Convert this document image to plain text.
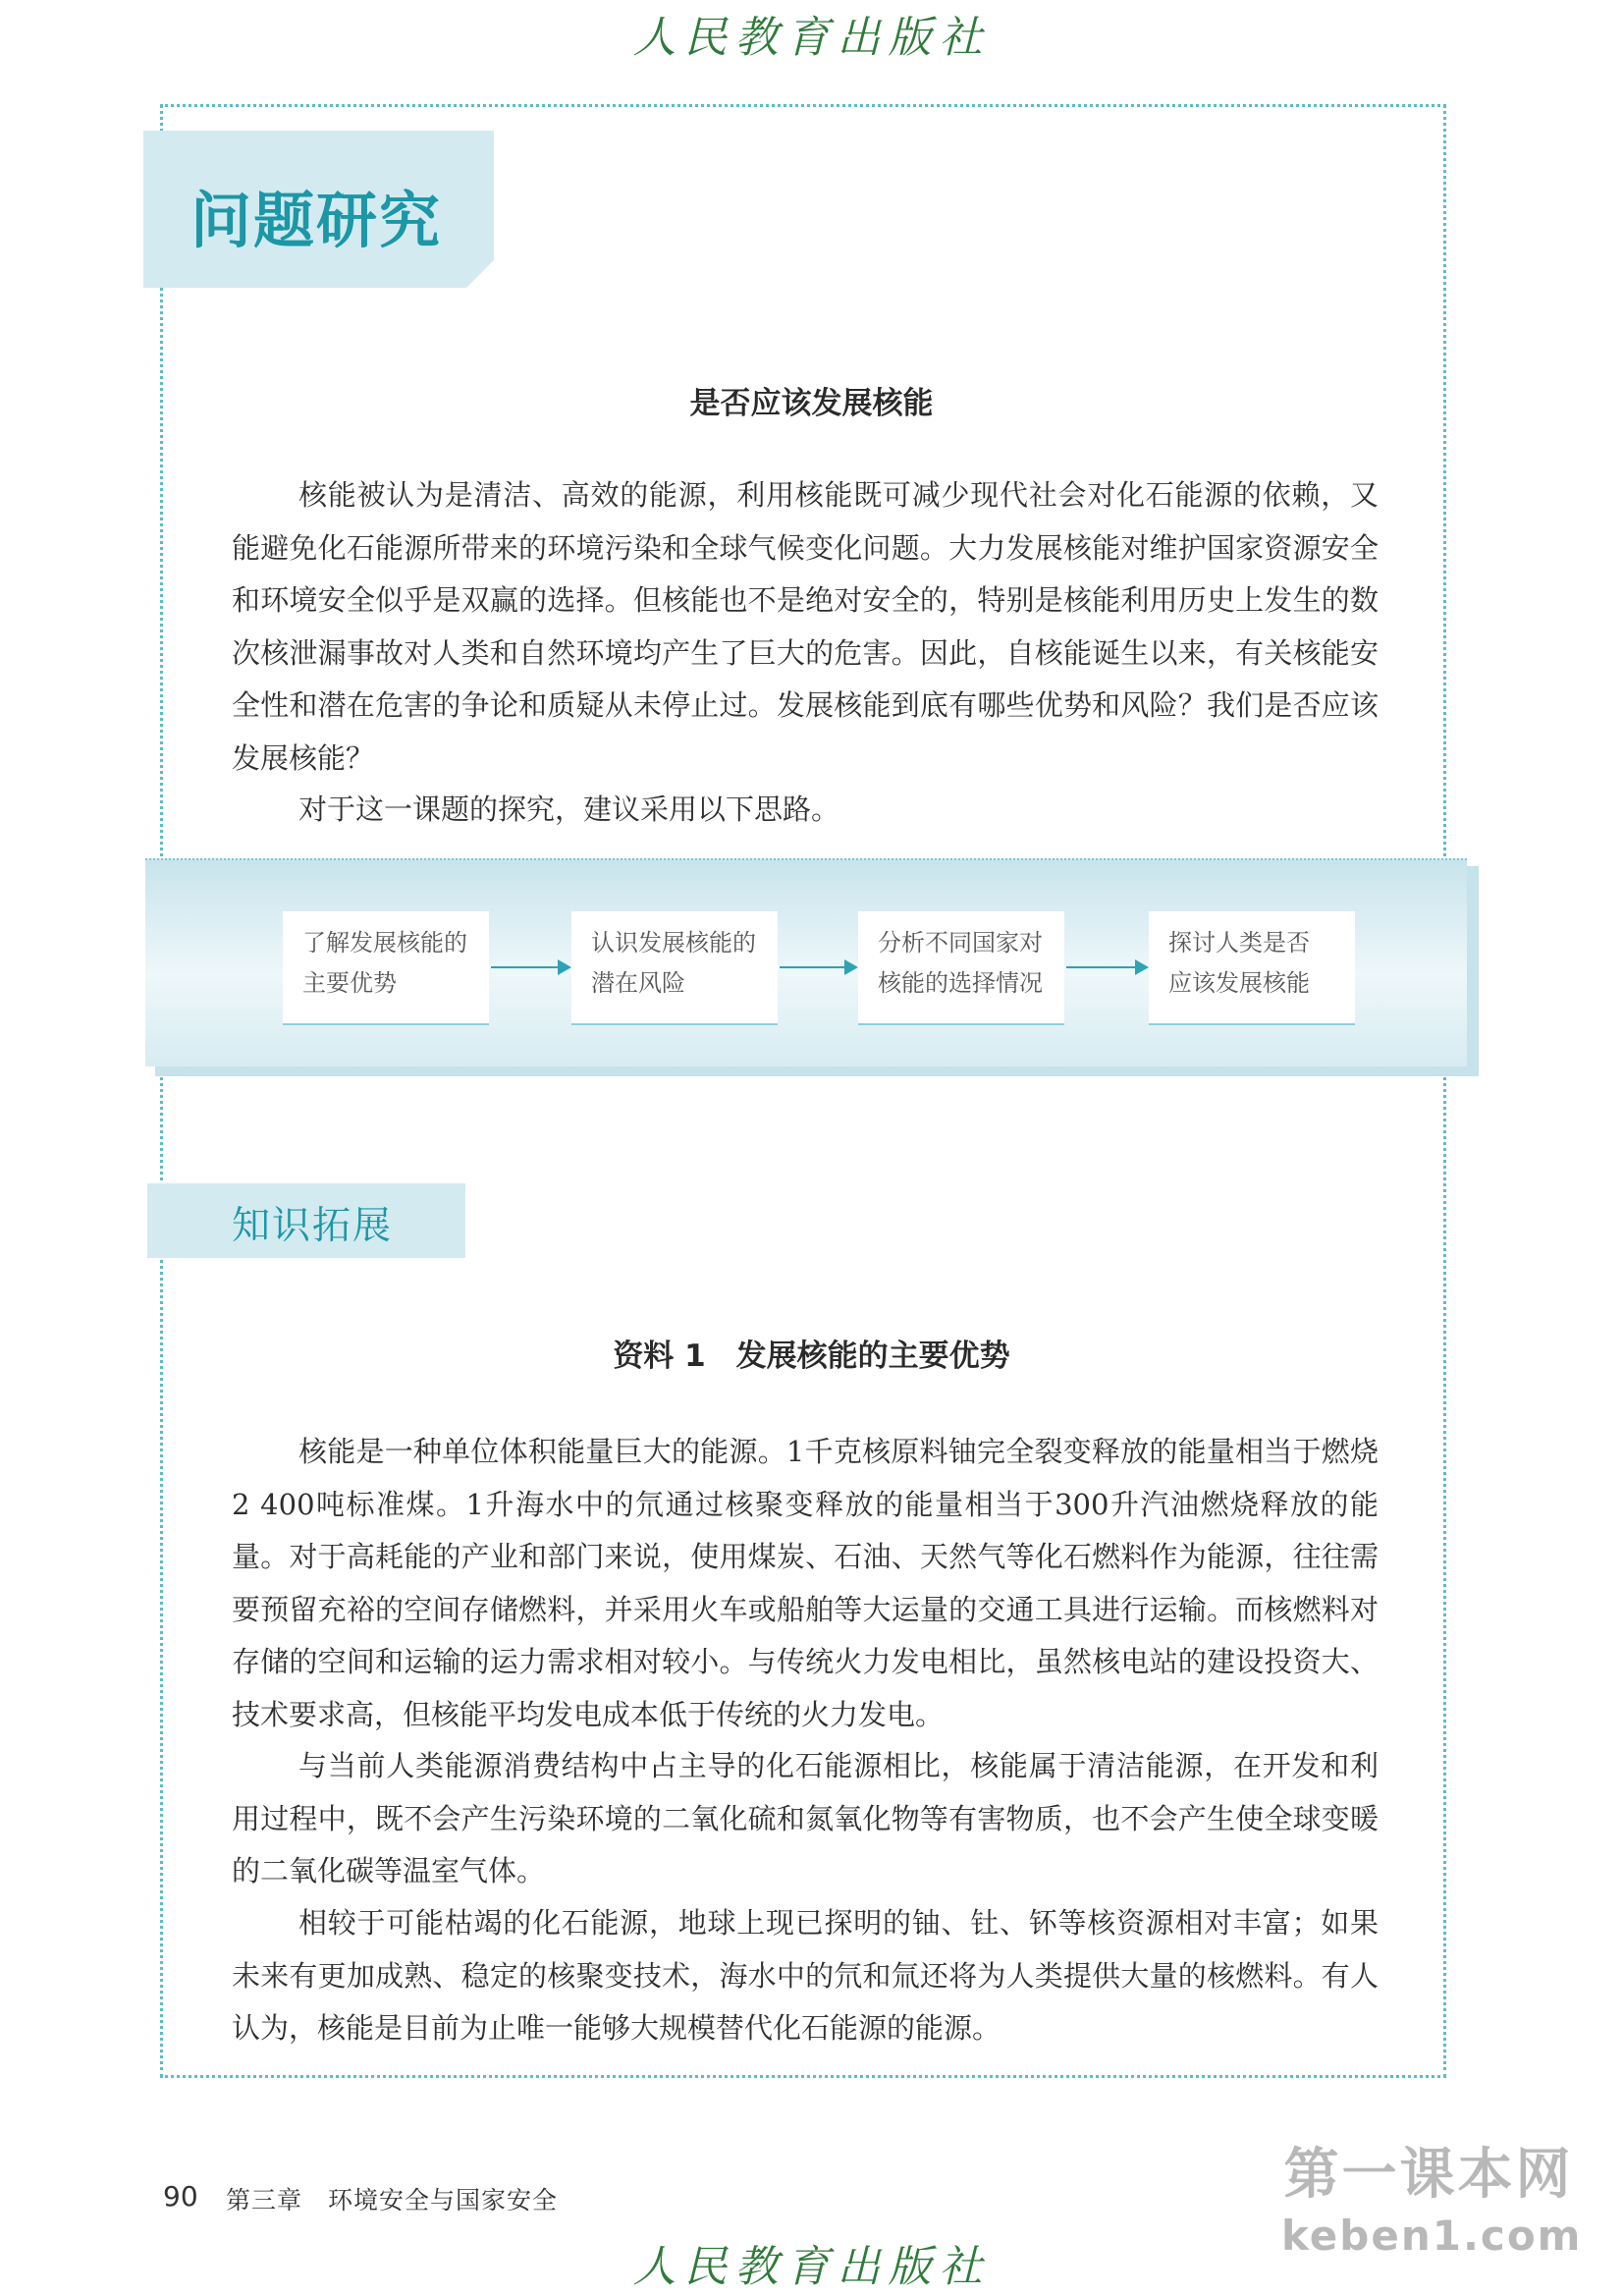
人民教育出版社
问题研究
是否应该发展核能
核能被认为是清洁、高效的能源，利用核能既可减少现代社会对化石能源的依赖，又能避免化石能源所带来的环境污染和全球气候变化问题。大力发展核能对维护国家资源安全和环境安全似乎是双赢的选择。但核能也不是绝对安全的，特别是核能利用历史上发生的数次核泄漏事故对人类和自然环境均产生了巨大的危害。因此，自核能诞生以来，有关核能安全性和潜在危害的争论和质疑从未停止过。发展核能到底有哪些优势和风险？我们是否应该发展核能？
对于这一课题的探究，建议采用以下思路。
了解发展核能的
主要优势
认识发展核能的
潜在风险
分析不同国家对
核能的选择情况
探讨人类是否
应该发展核能
知识拓展
资料 1　发展核能的主要优势
核能是一种单位体积能量巨大的能源。1千克核原料铀完全裂变释放的能量相当于燃烧2 400吨标准煤。1升海水中的氘通过核聚变释放的能量相当于300升汽油燃烧释放的能量。对于高耗能的产业和部门来说，使用煤炭、石油、天然气等化石燃料作为能源，往往需要预留充裕的空间存储燃料，并采用火车或船舶等大运量的交通工具进行运输。而核燃料对存储的空间和运输的运力需求相对较小。与传统火力发电相比，虽然核电站的建设投资大、技术要求高，但核能平均发电成本低于传统的火力发电。
与当前人类能源消费结构中占主导的化石能源相比，核能属于清洁能源，在开发和利用过程中，既不会产生污染环境的二氧化硫和氮氧化物等有害物质，也不会产生使全球变暖的二氧化碳等温室气体。
相较于可能枯竭的化石能源，地球上现已探明的铀、钍、钚等核资源相对丰富；如果未来有更加成熟、稳定的核聚变技术，海水中的氘和氚还将为人类提供大量的核燃料。有人认为，核能是目前为止唯一能够大规模替代化石能源的能源。
90 第三章　环境安全与国家安全	第一课本网
keben1.com
人民教育出版社
